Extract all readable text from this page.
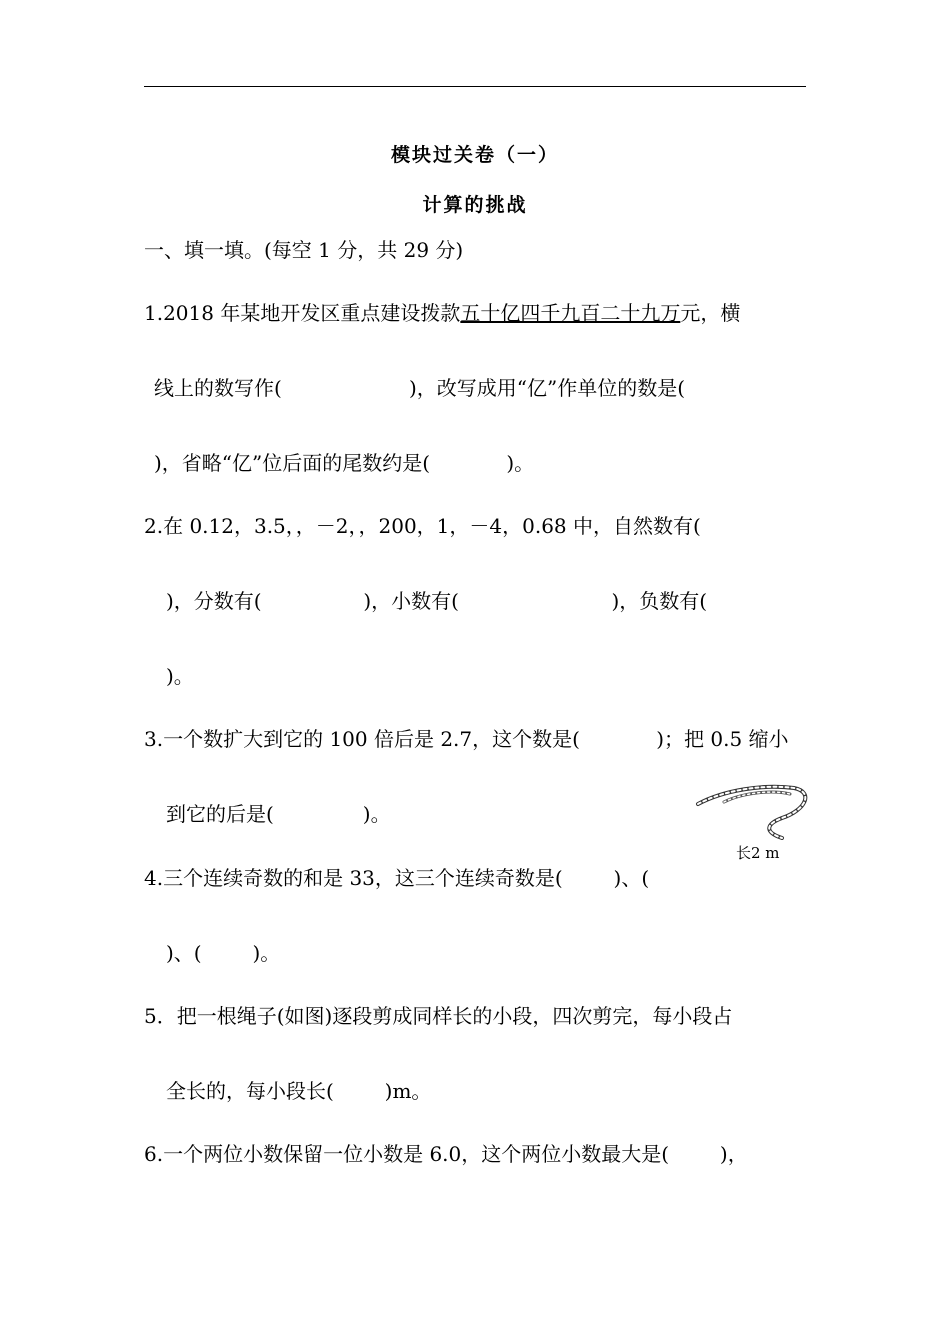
模块过关卷（一）
计算的挑战
一、填一填。(每空 1 分，共 29 分)
1.2018 年某地开发区重点建设拨款五十亿四千九百二十九万元，横
线上的数写作(                    )，改写成用“亿”作单位的数是(
)，省略“亿”位后面的尾数约是(            )。
2.在 0.12，3.5，，－2，，200，1，－4，0.68 中，自然数有(
)，分数有(                )，小数有(                        )，负数有(
)。
3.一个数扩大到它的 100 倍后是 2.7，这个数是(            )；把 0.5 缩小
到它的后是(              )。
长2 m
4.三个连续奇数的和是 33，这三个连续奇数是(        )、(
)、(        )。
5．把一根绳子(如图)逐段剪成同样长的小段，四次剪完，每小段占
全长的，每小段长(        )m。
6.一个两位小数保留一位小数是 6.0，这个两位小数最大是(        )，
